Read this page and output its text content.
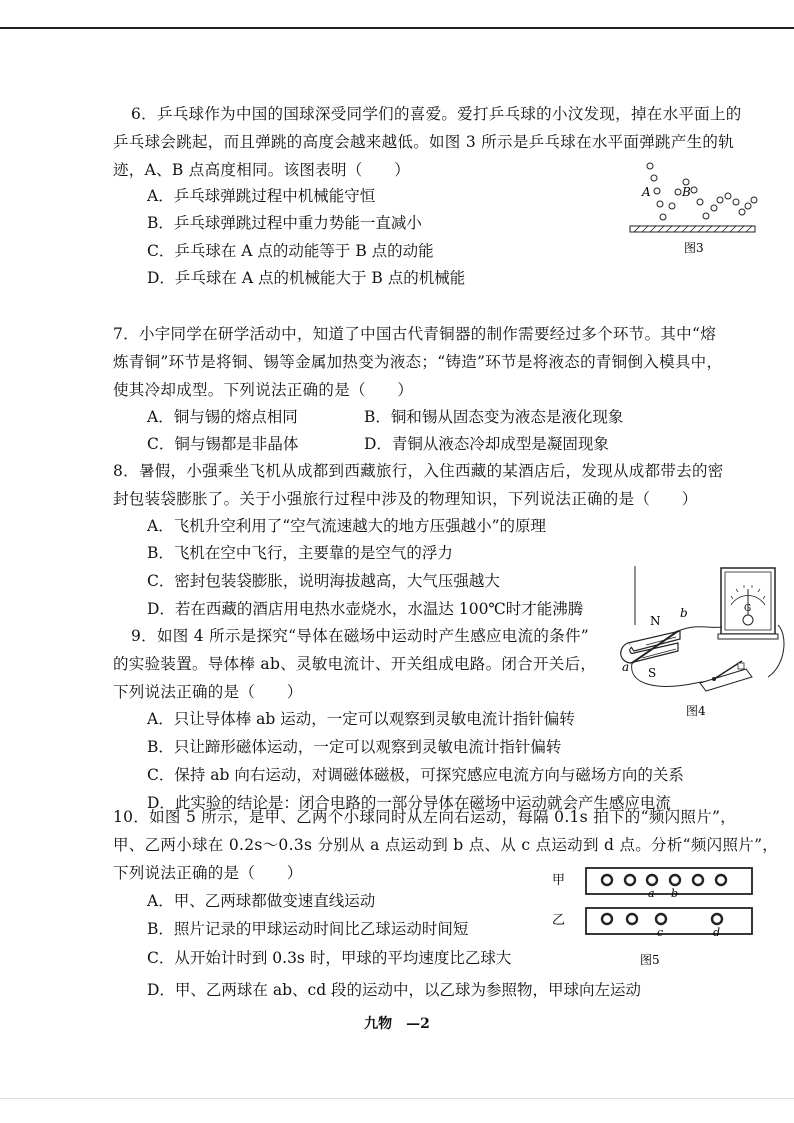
6．乒乓球作为中国的国球深受同学们的喜爱。爱打乒乓球的小汶发现，掉在水平面上的
乒乓球会跳起，而且弹跳的高度会越来越低。如图 3 所示是乒乓球在水平面弹跳产生的轨
迹，A、B 点高度相同。该图表明（　　）
A．乒乓球弹跳过程中机械能守恒
B．乒乓球弹跳过程中重力势能一直减小
C．乒乓球在 A 点的动能等于 B 点的动能
D．乒乓球在 A 点的机械能大于 B 点的机械能
A	B
图3
7．小宇同学在研学活动中，知道了中国古代青铜器的制作需要经过多个环节。其中“熔
炼青铜”环节是将铜、锡等金属加热变为液态；“铸造”环节是将液态的青铜倒入模具中，
使其冷却成型。下列说法正确的是（　　）
A．铜与锡的熔点相同	B．铜和锡从固态变为液态是液化现象
C．铜与锡都是非晶体	D．青铜从液态冷却成型是凝固现象
8．暑假，小强乘坐飞机从成都到西藏旅行，入住西藏的某酒店后，发现从成都带去的密
封包装袋膨胀了。关于小强旅行过程中涉及的物理知识，下列说法正确的是（　　）
A．飞机升空利用了“空气流速越大的地方压强越小”的原理
B．飞机在空中飞行，主要靠的是空气的浮力
C．密封包装袋膨胀，说明海拔越高，大气压强越大
D．若在西藏的酒店用电热水壶烧水，水温达 100℃时才能沸腾
9．如图 4 所示是探究“导体在磁场中运动时产生感应电流的条件”
的实验装置。导体棒 ab、灵敏电流计、开关组成电路。闭合开关后，
下列说法正确的是（　　）
A．只让导体棒 ab 运动，一定可以观察到灵敏电流计指针偏转
B．只让蹄形磁体运动，一定可以观察到灵敏电流计指针偏转
C．保持 ab 向右运动，对调磁体磁极，可探究感应电流方向与磁场方向的关系
D．此实验的结论是：闭合电路的一部分导体在磁场中运动就会产生感应电流
G
N
S
a
b
图4
10．如图 5 所示，是甲、乙两个小球同时从左向右运动，每隔 0.1s 拍下的“频闪照片”，
甲、乙两小球在 0.2s～0.3s 分别从 a 点运动到 b 点、从 c 点运动到 d 点。分析“频闪照片”，
下列说法正确的是（　　）
A．甲、乙两球都做变速直线运动
B．照片记录的甲球运动时间比乙球运动时间短
C．从开始计时到 0.3s 时，甲球的平均速度比乙球大
D．甲、乙两球在 ab、cd 段的运动中，以乙球为参照物，甲球向左运动
甲
a b
乙
c	d
图5
九物　—2
